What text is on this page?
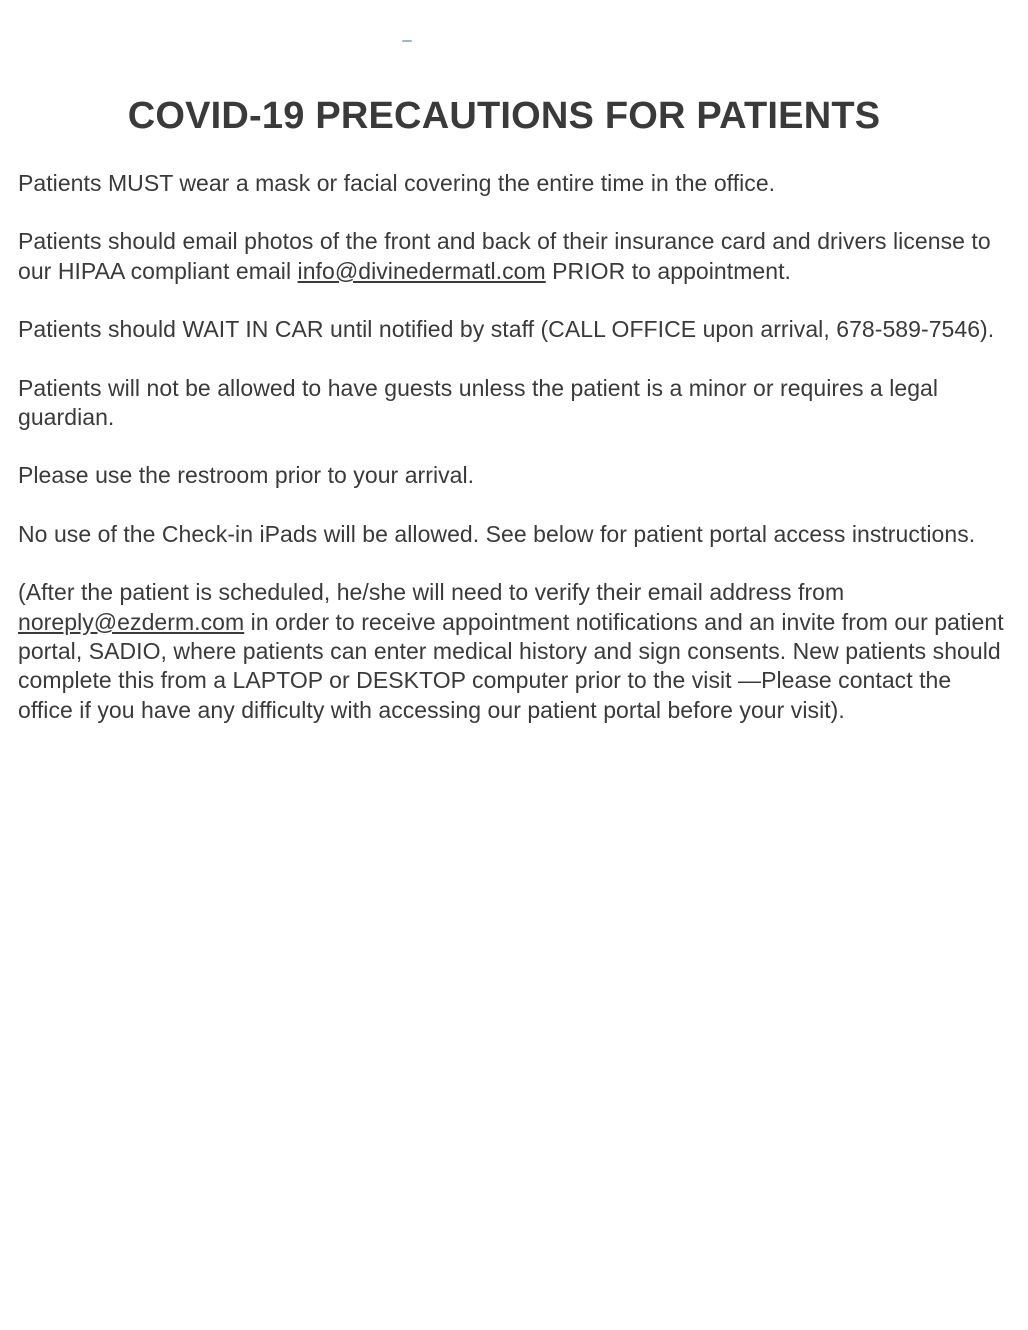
COVID-19 PRECAUTIONS FOR PATIENTS

Patients MUST wear a mask or facial covering the entire time in the office.

Patients should email photos of the front and back of their insurance card and drivers license to our HIPAA compliant email info@divinedermatl.com PRIOR to appointment.

Patients should WAIT IN CAR until notified by staff (CALL OFFICE upon arrival, 678-589-7546).

Patients will not be allowed to have guests unless the patient is a minor or requires a legal guardian.

Please use the restroom prior to your arrival.

No use of the Check-in iPads will be allowed. See below for patient portal access instructions.

(After the patient is scheduled, he/she will need to verify their email address from noreply@ezderm.com in order to receive appointment notifications and an invite from our patient portal, SADIO, where patients can enter medical history and sign consents. New patients should complete this from a LAPTOP or DESKTOP computer prior to the visit —Please contact the office if you have any difficulty with accessing our patient portal before your visit).
